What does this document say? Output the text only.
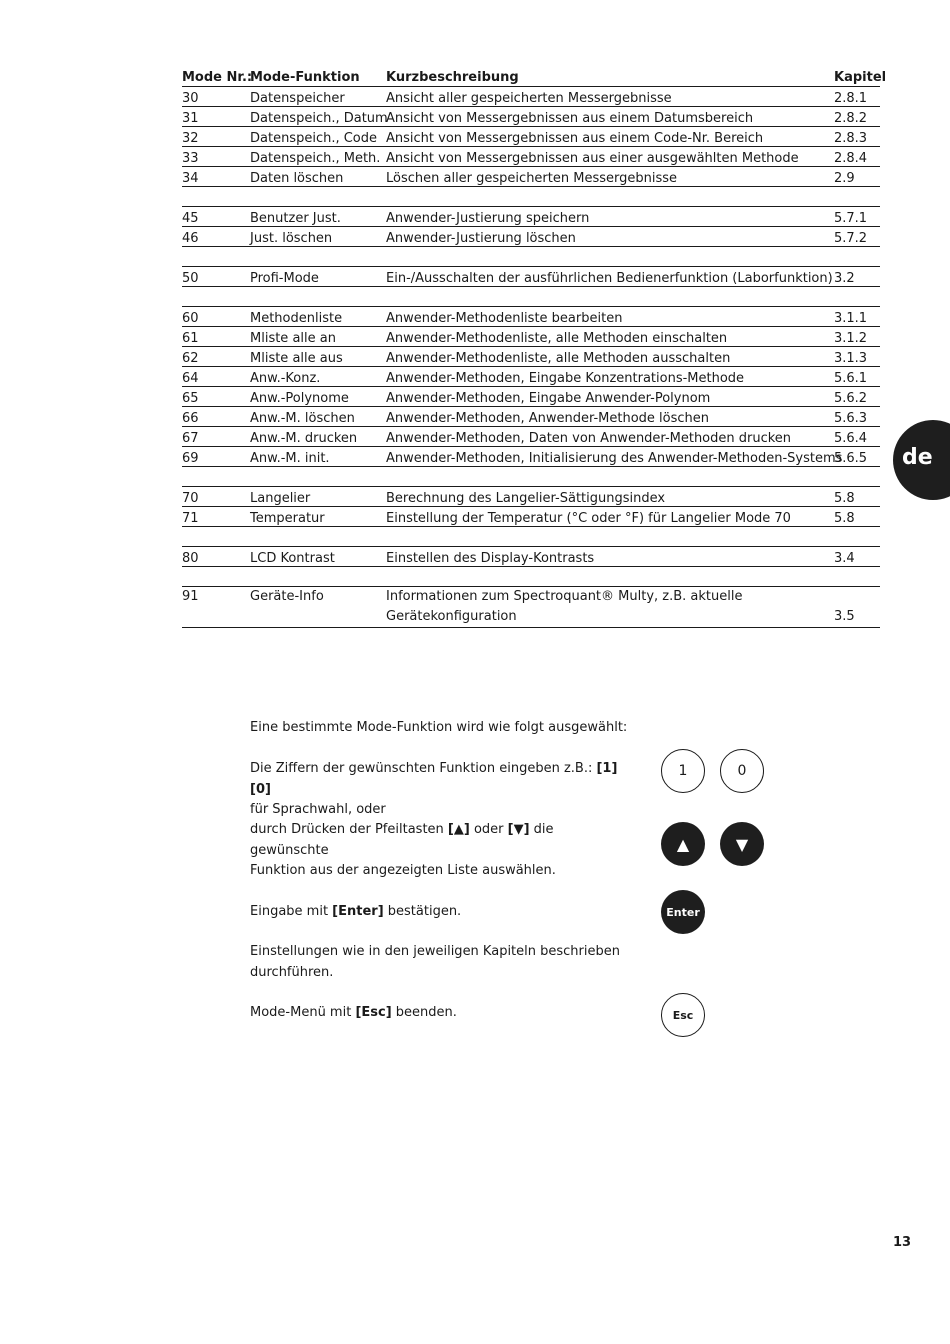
Mode Nr.:	Mode-Funktion	Kurzbeschreibung	Kapitel
30	Datenspeicher	Ansicht aller gespeicherten Messergebnisse	2.8.1
31	Datenspeich., Datum	Ansicht von Messergebnissen aus einem Datumsbereich	2.8.2
32	Datenspeich., Code	Ansicht von Messergebnissen aus einem Code-Nr. Bereich	2.8.3
33	Datenspeich., Meth.	Ansicht von Messergebnissen aus einer ausgewählten Methode	2.8.4
34	Daten löschen	Löschen aller gespeicherten Messergebnisse	2.9

45	Benutzer Just.	Anwender-Justierung speichern	5.7.1
46	Just. löschen	Anwender-Justierung löschen	5.7.2

50	Profi-Mode	Ein-/Ausschalten der ausführlichen Bedienerfunktion (Laborfunktion)	3.2

60	Methodenliste	Anwender-Methodenliste bearbeiten	3.1.1
61	Mliste alle an	Anwender-Methodenliste, alle Methoden einschalten	3.1.2
62	Mliste alle aus	Anwender-Methodenliste, alle Methoden ausschalten	3.1.3
64	Anw.-Konz.	Anwender-Methoden, Eingabe Konzentrations-Methode	5.6.1
65	Anw.-Polynome	Anwender-Methoden, Eingabe Anwender-Polynom	5.6.2
66	Anw.-M. löschen	Anwender-Methoden, Anwender-Methode löschen	5.6.3
67	Anw.-M. drucken	Anwender-Methoden, Daten von Anwender-Methoden drucken	5.6.4
69	Anw.-M. init.	Anwender-Methoden, Initialisierung des Anwender-Methoden-Systems	5.6.5

70	Langelier	Berechnung des Langelier-Sättigungsindex	5.8
71	Temperatur	Einstellung der Temperatur (°C oder °F) für Langelier Mode 70	5.8

80	LCD Kontrast	Einstellen des Display-Kontrasts	3.4

91	Geräte-Info	Informationen zum Spectroquant® Multy, z.B. aktuelle
Gerätekonfiguration	3.5
de
Eine bestimmte Mode-Funktion wird wie folgt ausgewählt:
Die Ziffern der gewünschten Funktion eingeben z.B.: [1] [0]
für Sprachwahl, oder
durch Drücken der Pfeiltasten [▲] oder [▼] die gewünschte
Funktion aus der angezeigten Liste auswählen.
Eingabe mit [Enter] bestätigen.
Einstellungen wie in den jeweiligen Kapiteln beschrieben
durchführen.
Mode-Menü mit [Esc] beenden.
1	0
▲	▼
Enter
Esc
13
